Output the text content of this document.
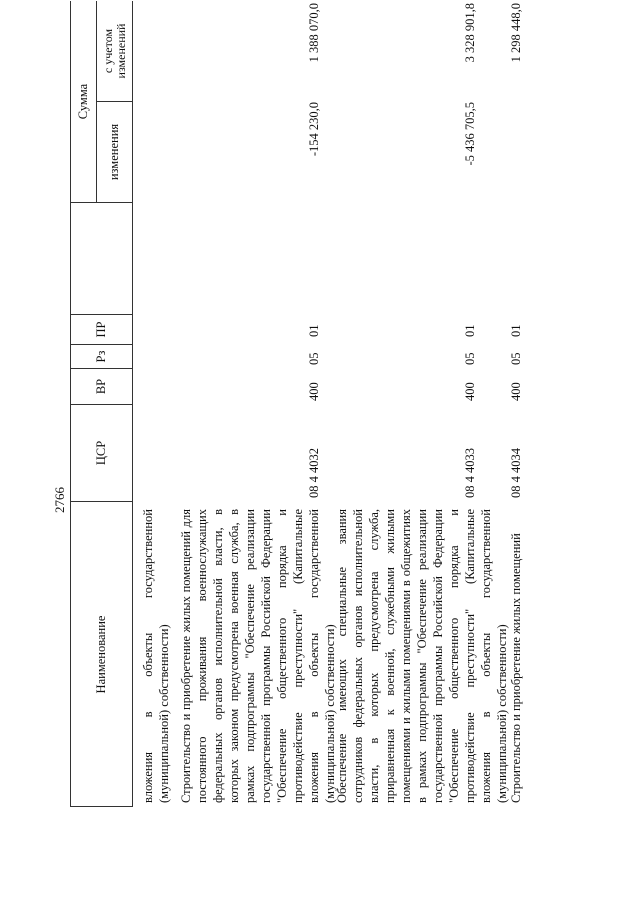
2766
Наименование
ЦСР
ВР
Рз
ПР
Сумма
изменения
с учетом изменений
вложения в объекты государственной (муниципальной) собственности) Строительство и приобретение жилых помещений для постоянного проживания военнослужащих федеральных органов исполнительной власти, в которых законом предусмотрена военная служба, в рамках подпрограммы "Обеспечение реализации государственной программы Российской Федерации "Обеспечение общественного порядка и противодействие преступности" (Капитальные вложения в объекты государственной (муниципальной) собственности)
08 4 4032
400
05
01
-154 230,0
1 388 070,0
Обеспечение имеющих специальные звания сотрудников федеральных органов исполнительной власти, в которых предусмотрена служба, приравненная к военной, служебными жилыми помещениями и жилыми помещениями в общежитиях в рамках подпрограммы "Обеспечение реализации государственной программы Российской Федерации "Обеспечение общественного порядка и противодействие преступности" (Капитальные вложения в объекты государственной (муниципальной) собственности)
08 4 4033
400
05
01
-5 436 705,5
3 328 901,8
Строительство и приобретение жилых помещений
08 4 4034
400
05
01
1 298 448,0
